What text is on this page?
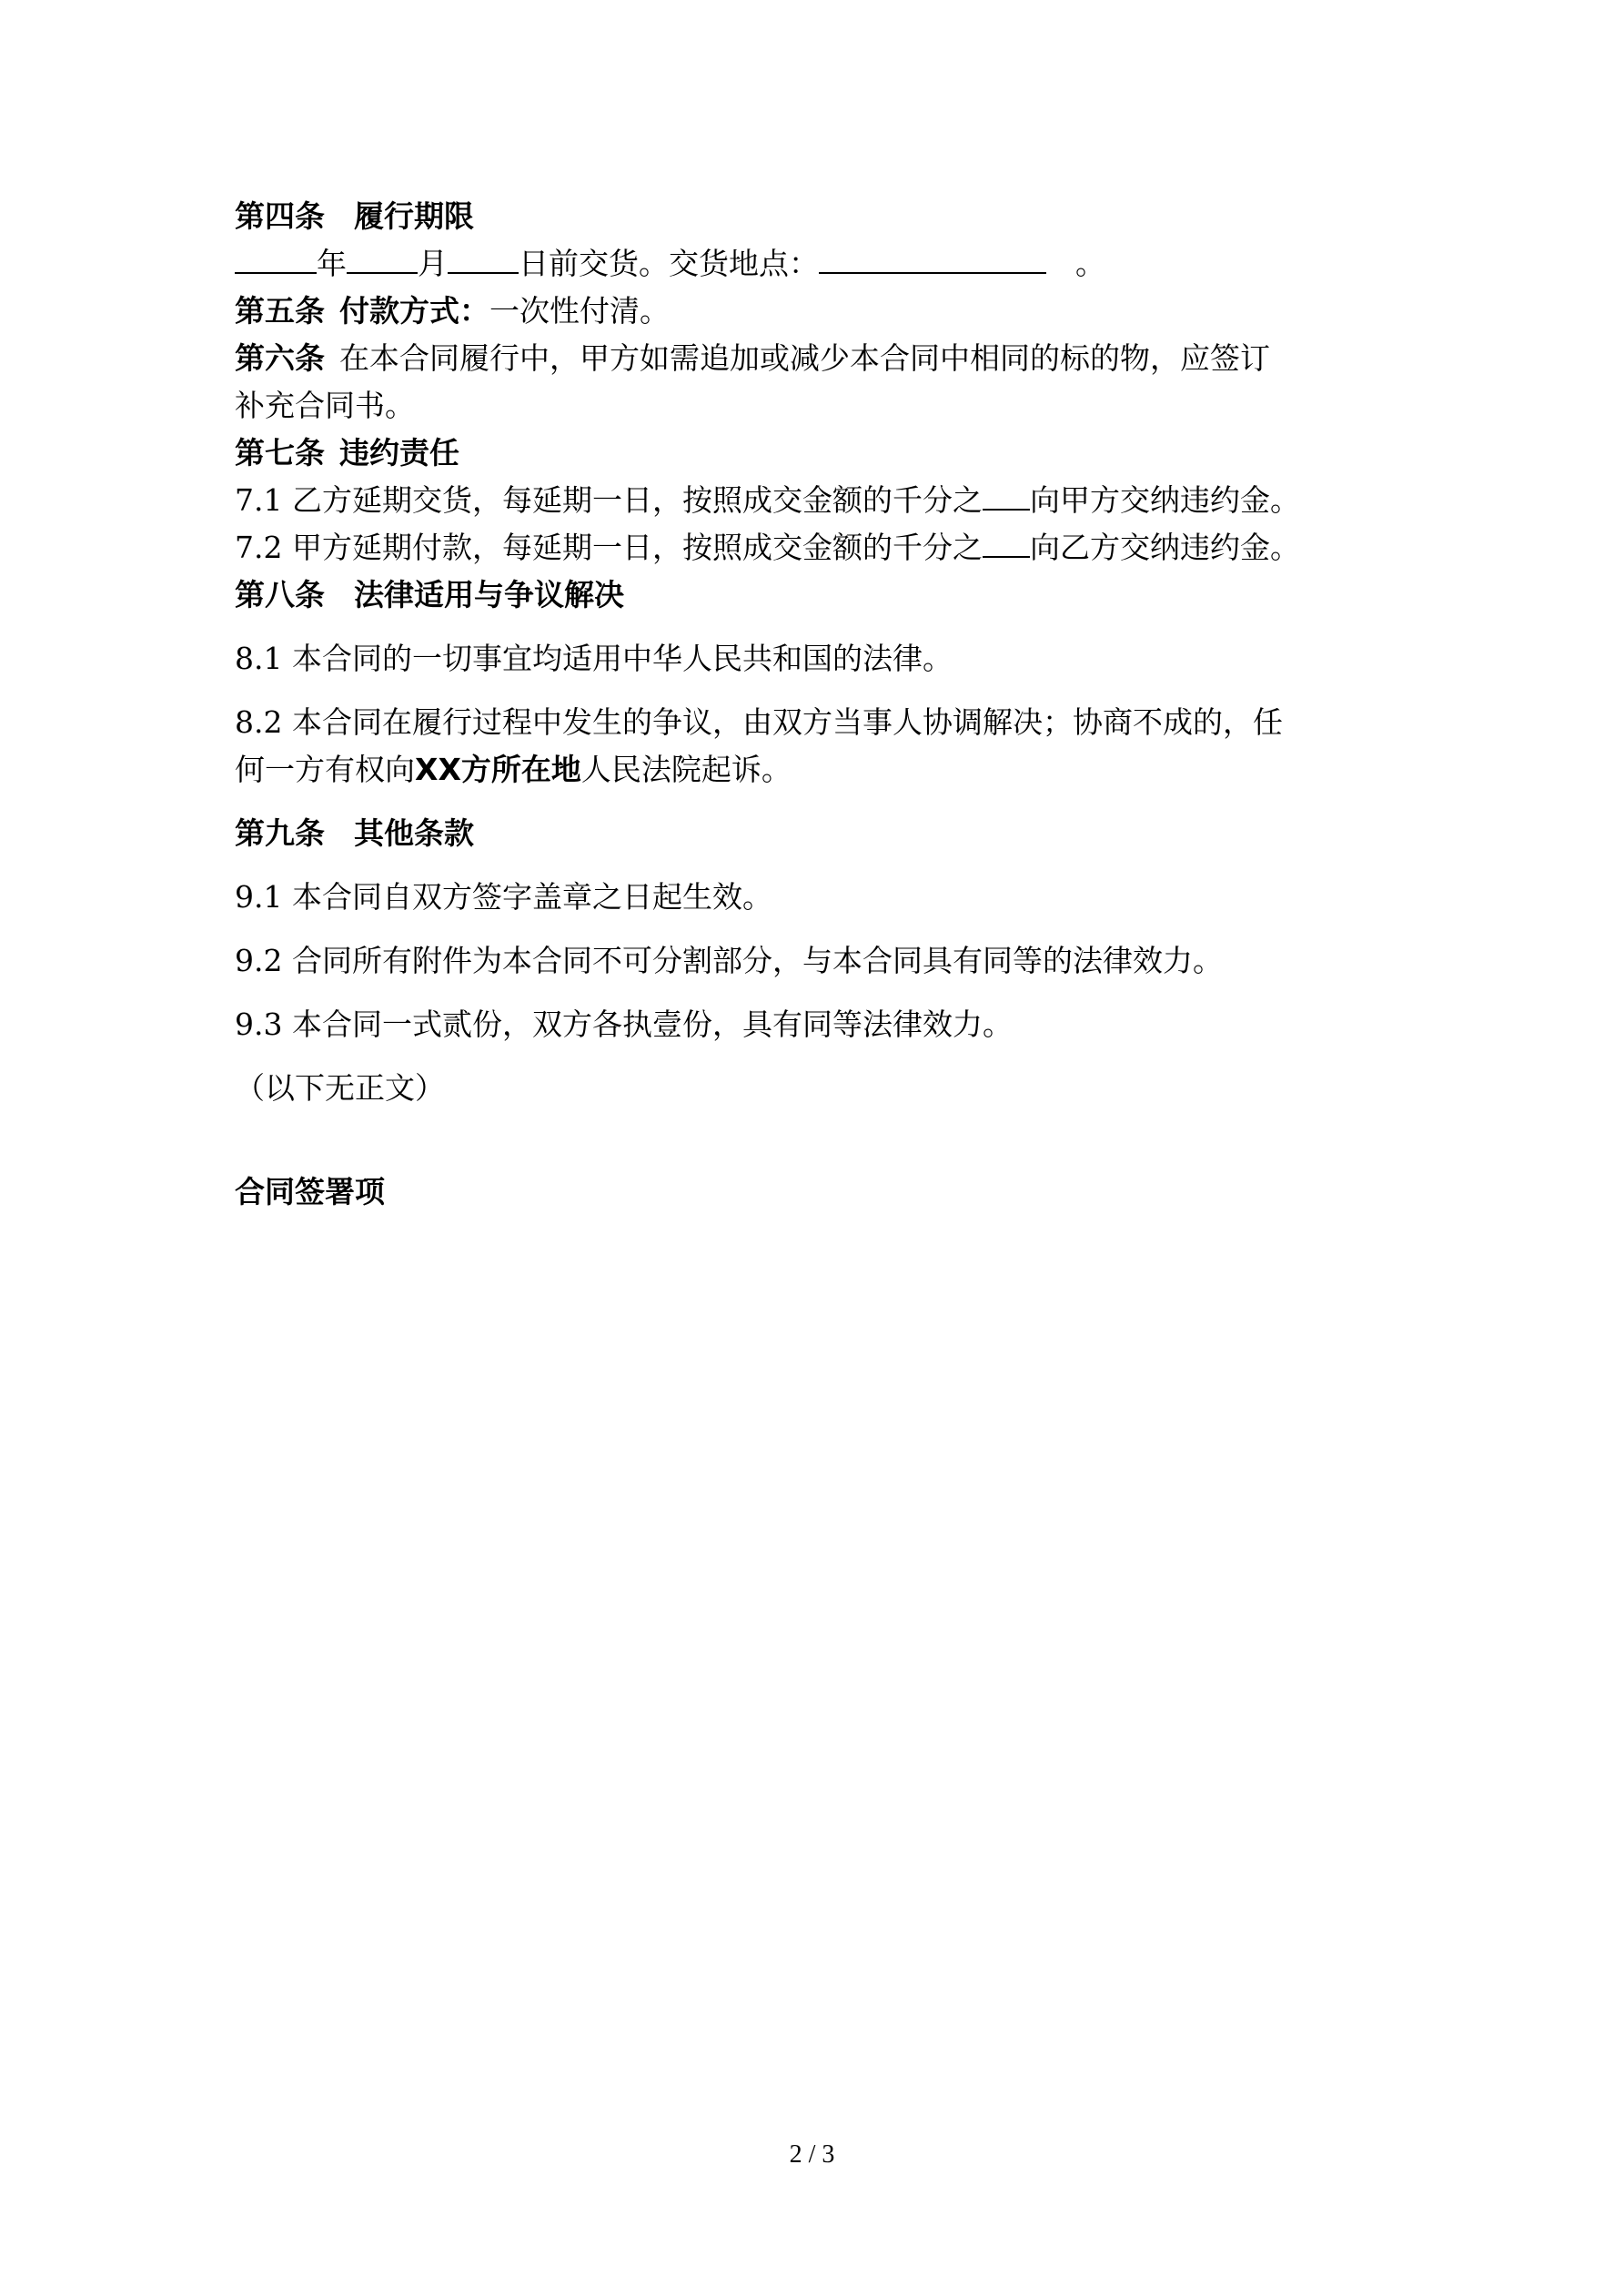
第四条 履行期限
年 月 日前交货。交货地点：	。
第五条 付款方式：一次性付清。
第六条 在本合同履行中，甲方如需追加或减少本合同中相同的标的物，应签订
补充合同书。
第七条 违约责任
7.1 乙方延期交货，每延期一日，按照成交金额的千分之 向甲方交纳违约金。
7.2 甲方延期付款，每延期一日，按照成交金额的千分之 向乙方交纳违约金。
第八条 法律适用与争议解决
8.1 本合同的一切事宜均适用中华人民共和国的法律。
8.2 本合同在履行过程中发生的争议，由双方当事人协调解决；协商不成的，任
何一方有权向XX方所在地人民法院起诉。
第九条 其他条款
9.1 本合同自双方签字盖章之日起生效。
9.2 合同所有附件为本合同不可分割部分，与本合同具有同等的法律效力。
9.3 本合同一式贰份，双方各执壹份，具有同等法律效力。
（以下无正文）
合同签署项
2 / 3
